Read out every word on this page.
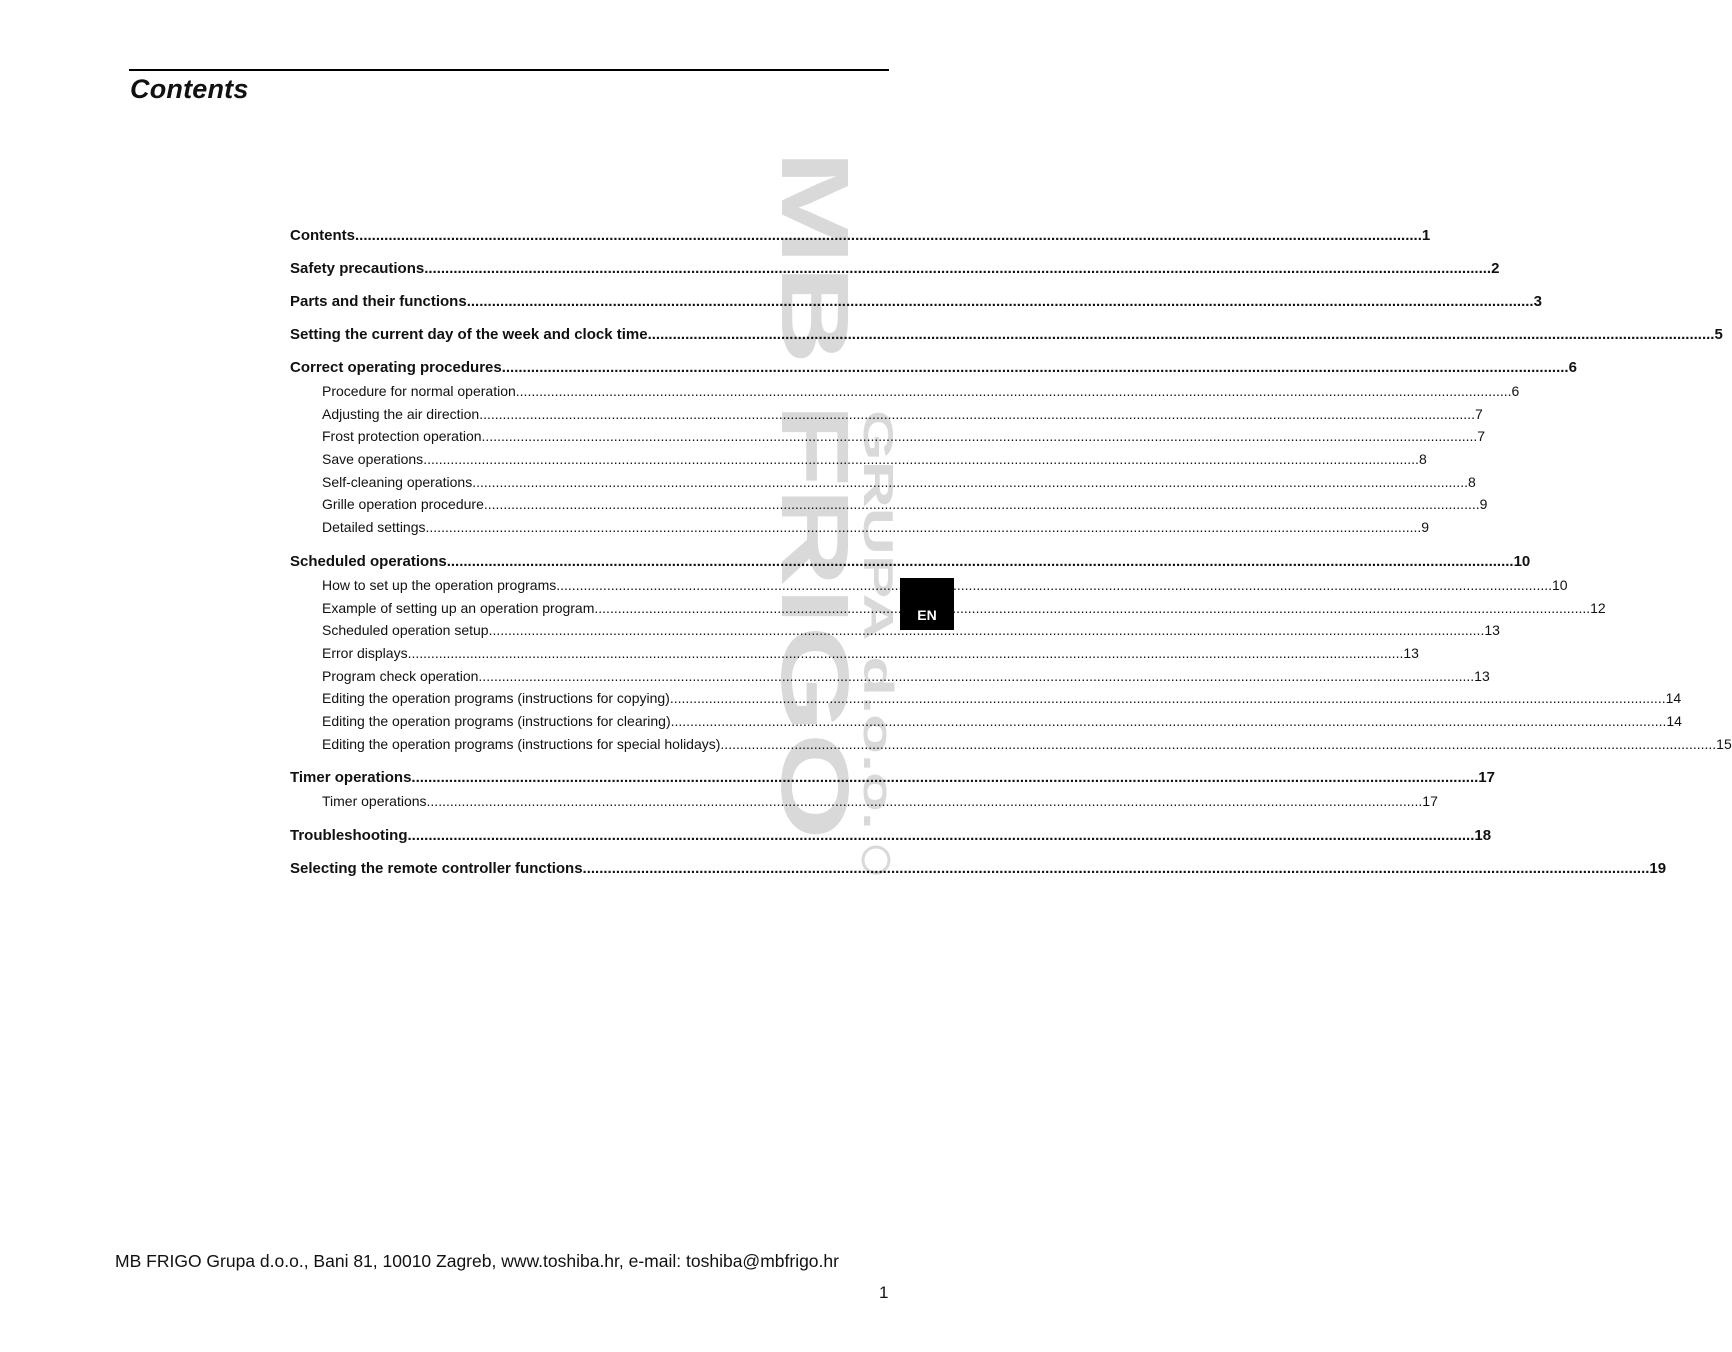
Contents
MB FRIGO
GRUPA d.o.o.
Contents .....	1
Safety precautions .....	2
Parts and their functions .....	3
Setting the current day of the week and clock time .....	5
Correct operating procedures .....	6
Procedure for normal operation .....	6
Adjusting the air direction .....	7
Frost protection operation .....	7
Save operations .....	8
Self-cleaning operations .....	8
Grille operation procedure .....	9
Detailed settings .....	9
Scheduled operations .....	10
How to set up the operation programs .....	10
Example of setting up an operation program .....	12
Scheduled operation setup .....	13
Error displays .....	13
Program check operation .....	13
Editing the operation programs (instructions for copying) .....	14
Editing the operation programs (instructions for clearing) .....	14
Editing the operation programs (instructions for special holidays) .....	15
Timer operations .....	17
Timer operations .....	17
Troubleshooting .....	18
Selecting the remote controller functions .....	19
EN
MB FRIGO Grupa d.o.o., Bani 81, 10010 Zagreb, www.toshiba.hr, e-mail: toshiba@mbfrigo.hr
1
